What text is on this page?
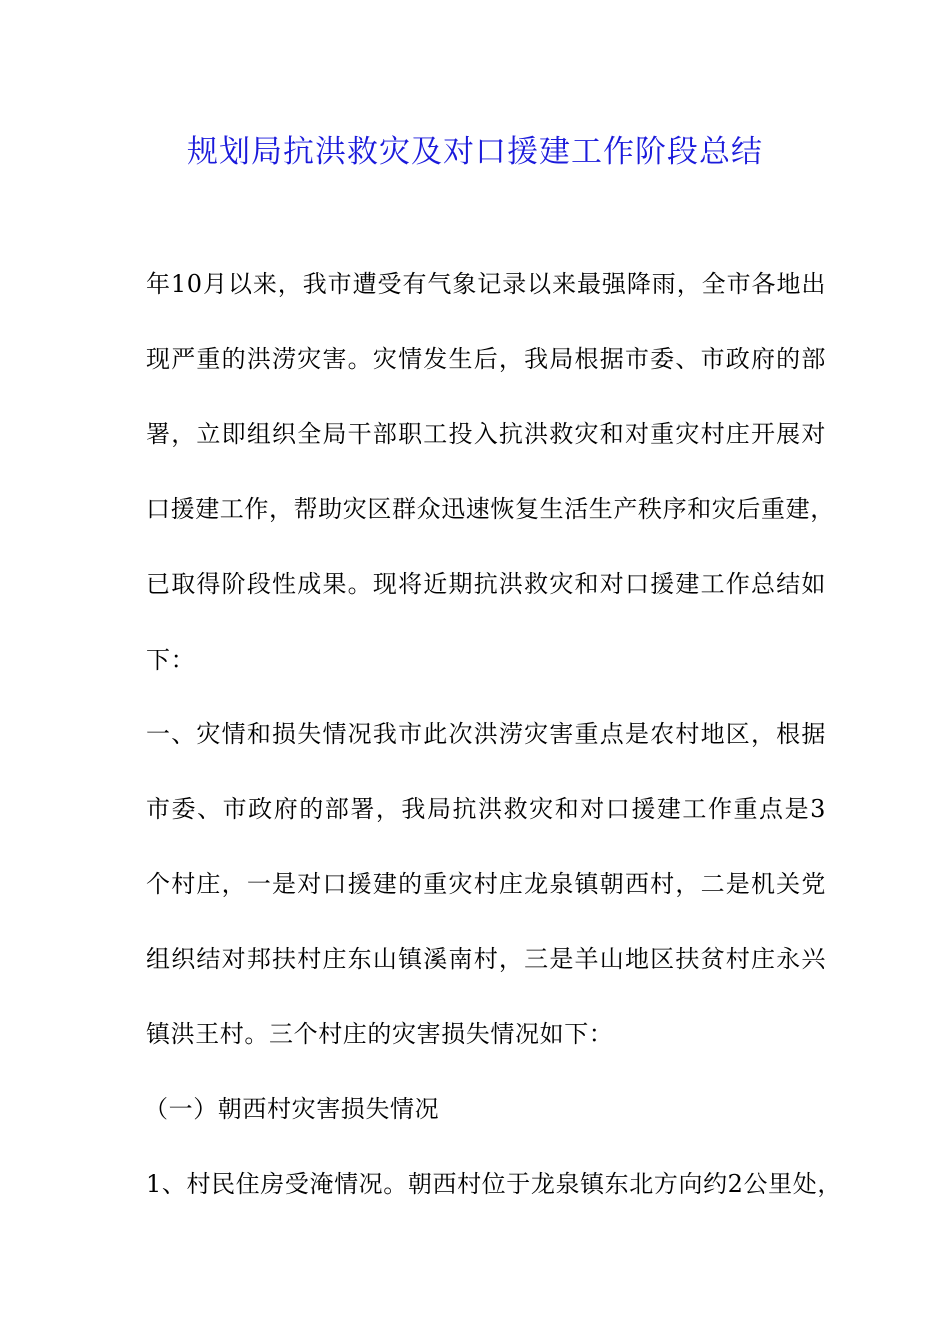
规划局抗洪救灾及对口援建工作阶段总结
年10月以来，我市遭受有气象记录以来最强降雨，全市各地出
现严重的洪涝灾害。灾情发生后，我局根据市委、市政府的部
署，立即组织全局干部职工投入抗洪救灾和对重灾村庄开展对
口援建工作，帮助灾区群众迅速恢复生活生产秩序和灾后重建，
已取得阶段性成果。现将近期抗洪救灾和对口援建工作总结如
下：
一、灾情和损失情况我市此次洪涝灾害重点是农村地区，根据
市委、市政府的部署，我局抗洪救灾和对口援建工作重点是3
个村庄，一是对口援建的重灾村庄龙泉镇朝西村，二是机关党
组织结对邦扶村庄东山镇溪南村，三是羊山地区扶贫村庄永兴
镇洪王村。三个村庄的灾害损失情况如下：
（一）朝西村灾害损失情况
1、村民住房受淹情况。朝西村位于龙泉镇东北方向约2公里处，
